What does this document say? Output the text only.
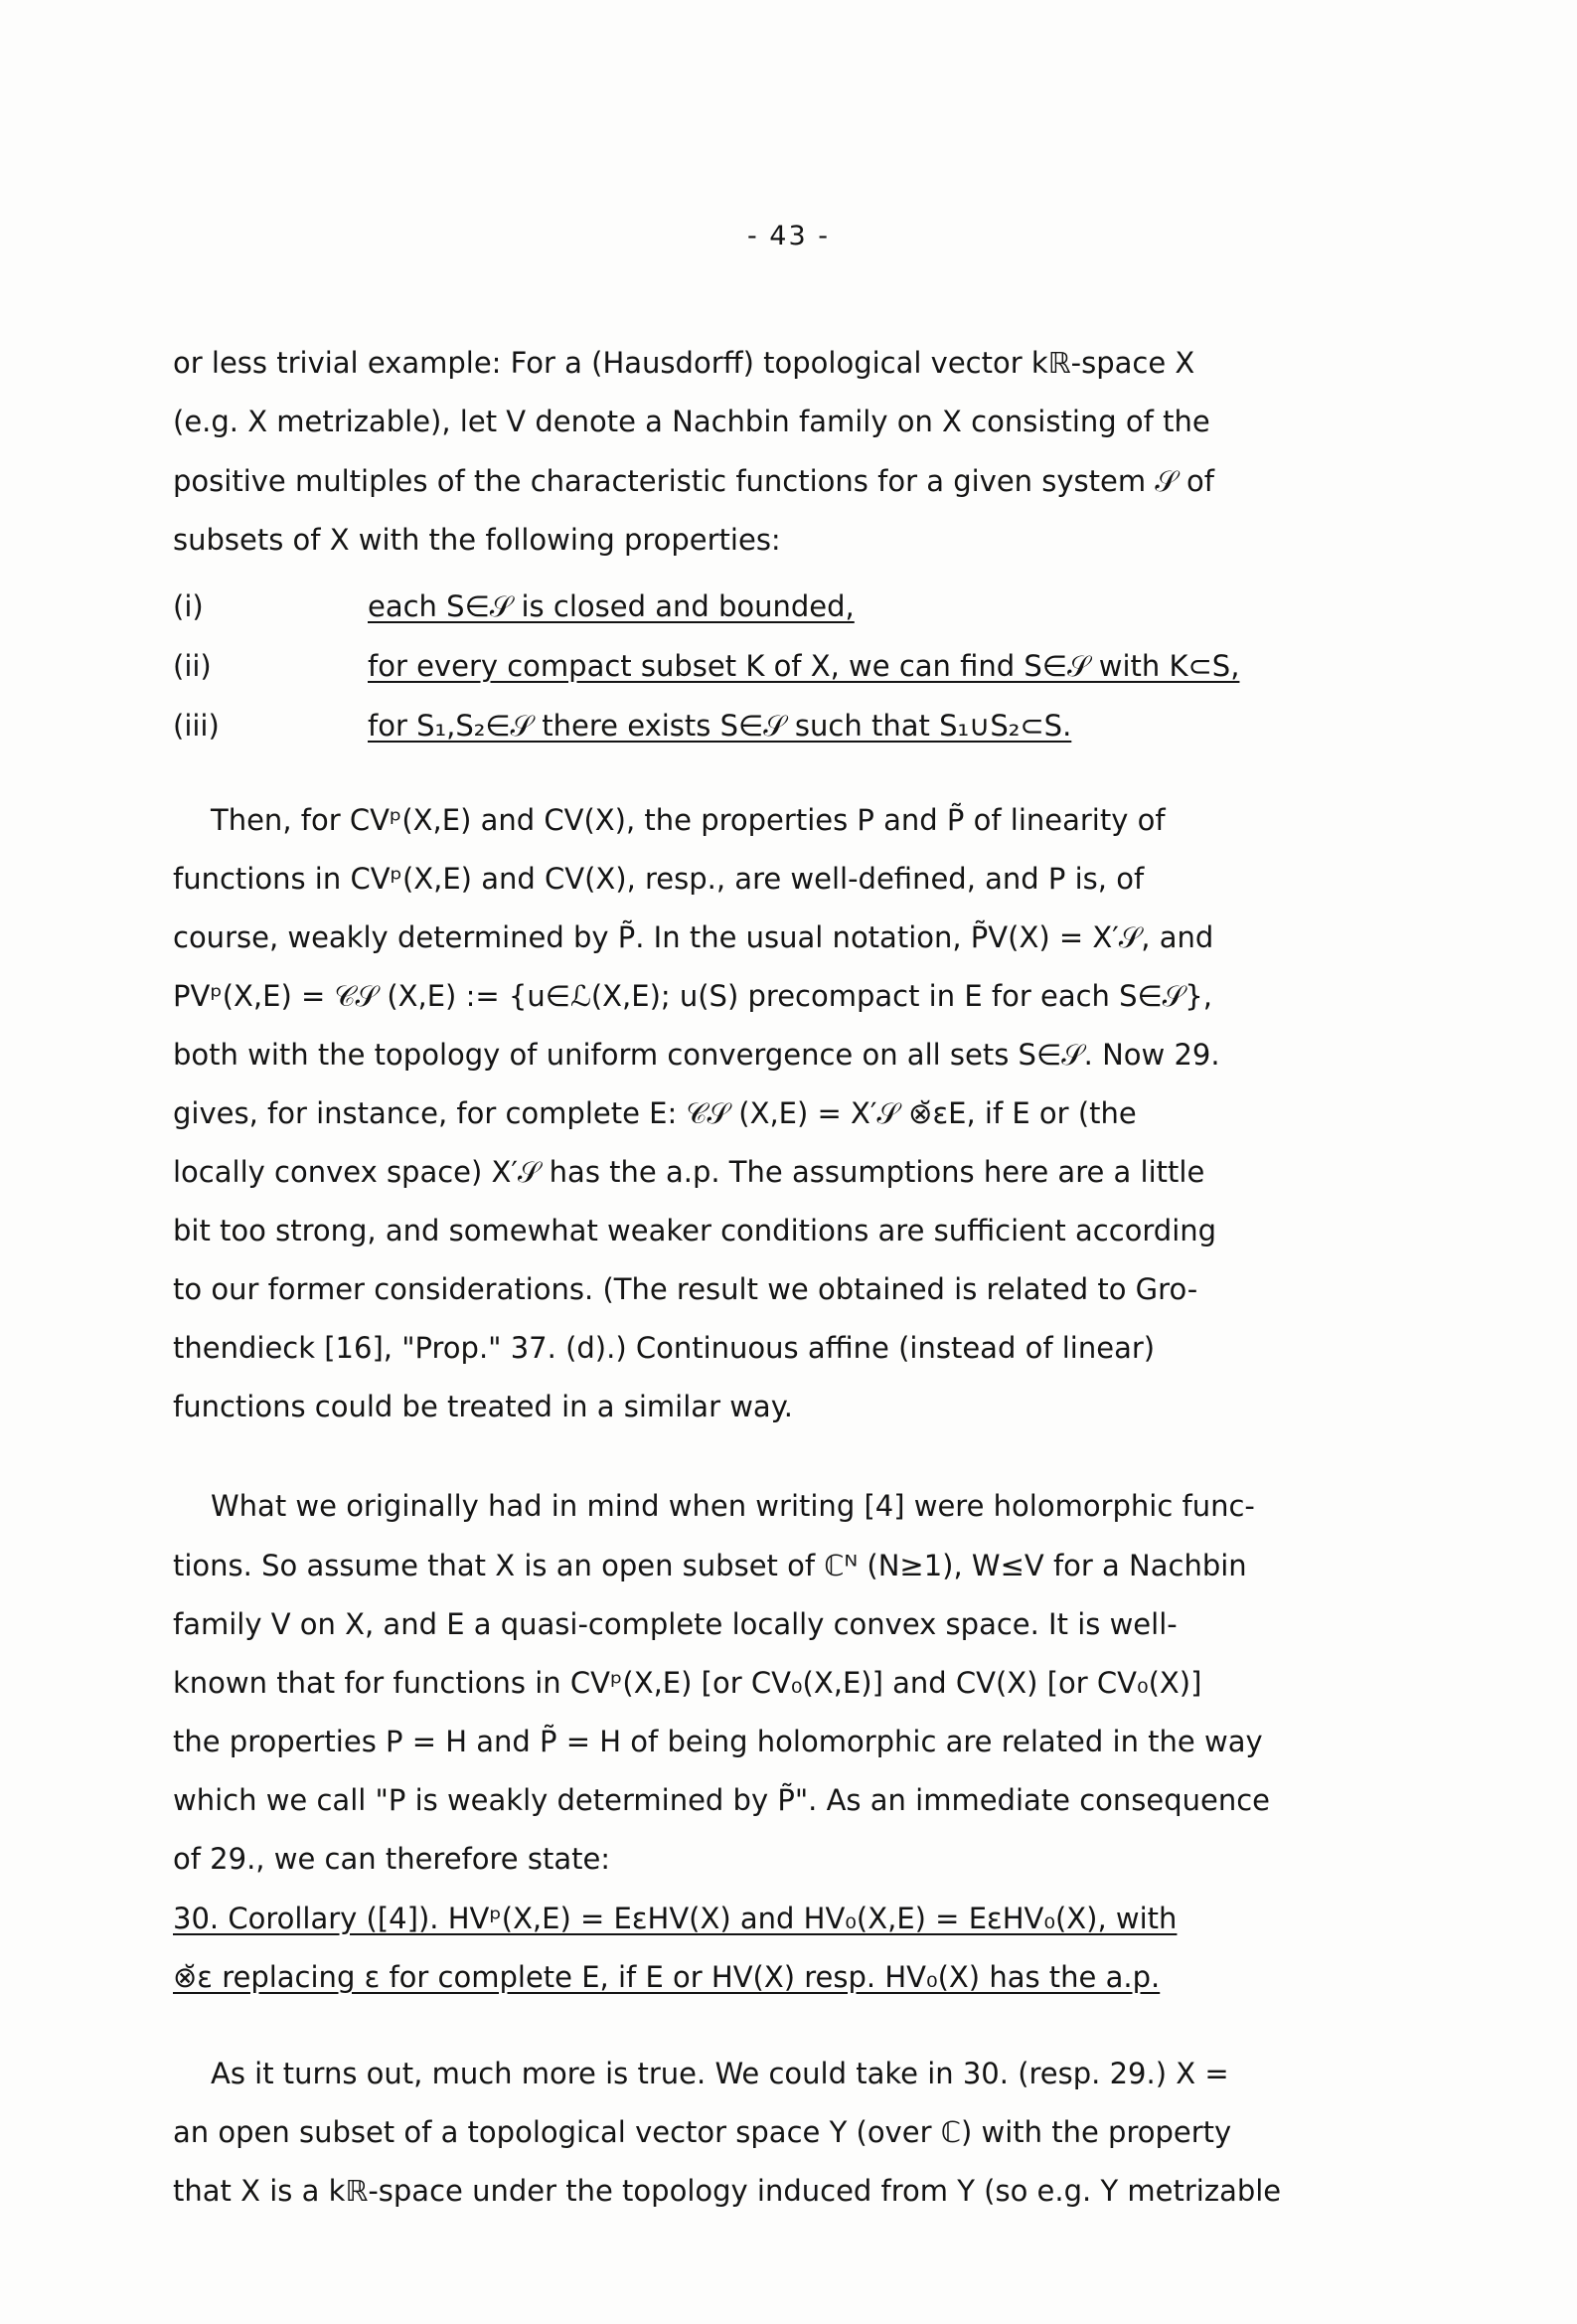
- 43 -
or less trivial example: For a (Hausdorff) topological vector kℝ-space X
(e.g. X metrizable), let V denote a Nachbin family on X consisting of the
positive multiples of the characteristic functions for a given system 𝒮 of
subsets of X with the following properties:
(i)	each S∈𝒮 is closed and bounded,
(ii)	for every compact subset K of X, we can find S∈𝒮 with K⊂S,
(iii)	for S₁,S₂∈𝒮 there exists S∈𝒮 such that S₁∪S₂⊂S.
Then, for CVᵖ(X,E) and CV(X), the properties P and P̃ of linearity of
functions in CVᵖ(X,E) and CV(X), resp., are well-defined, and P is, of
course, weakly determined by P̃. In the usual notation, P̃V(X) = X′𝒮, and
PVᵖ(X,E) = 𝒞𝒮 (X,E) := {u∈ℒ(X,E); u(S) precompact in E for each S∈𝒮},
both with the topology of uniform convergence on all sets S∈𝒮. Now 29.
gives, for instance, for complete E: 𝒞𝒮 (X,E) = X′𝒮 ⊗̆εE, if E or (the
locally convex space) X′𝒮 has the a.p. The assumptions here are a little
bit too strong, and somewhat weaker conditions are sufficient according
to our former considerations. (The result we obtained is related to Gro-
thendieck [16], "Prop." 37. (d).) Continuous affine (instead of linear)
functions could be treated in a similar way.
What we originally had in mind when writing [4] were holomorphic func-
tions. So assume that X is an open subset of ℂᴺ (N≥1), W≤V for a Nachbin
family V on X, and E a quasi-complete locally convex space. It is well-
known that for functions in CVᵖ(X,E) [or CV₀(X,E)] and CV(X) [or CV₀(X)]
the properties P = H and P̃ = H of being holomorphic are related in the way
which we call "P is weakly determined by P̃". As an immediate consequence
of 29., we can therefore state:
30. Corollary ([4]). HVᵖ(X,E) = EεHV(X) and HV₀(X,E) = EεHV₀(X), with
⊗̆ε replacing ε for complete E, if E or HV(X) resp. HV₀(X) has the a.p.
As it turns out, much more is true. We could take in 30. (resp. 29.) X =
an open subset of a topological vector space Y (over ℂ) with the property
that X is a kℝ-space under the topology induced from Y (so e.g. Y metrizable
